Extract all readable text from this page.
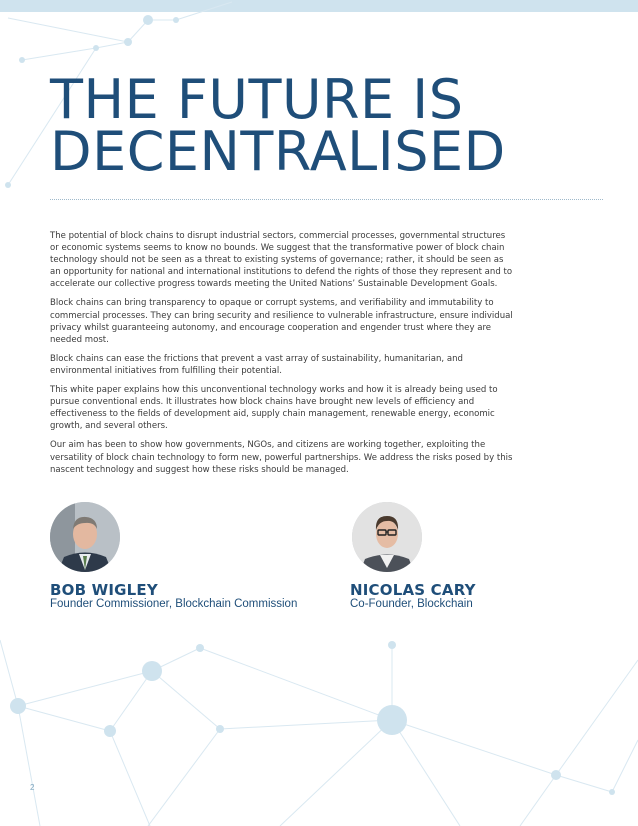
THE FUTURE IS
DECENTRALISED

The potential of block chains to disrupt industrial sectors, commercial processes, governmental structures or economic systems seems to know no bounds. We suggest that the transformative power of block chain technology should not be seen as a threat to existing systems of governance; rather, it should be seen as an opportunity for national and international institutions to defend the rights of those they represent and to accelerate our collective progress towards meeting the United Nations’ Sustainable Development Goals.

Block chains can bring transparency to opaque or corrupt systems, and verifiability and immutability to commercial processes. They can bring security and resilience to vulnerable infrastructure, ensure individual privacy whilst guaranteeing autonomy, and encourage cooperation and engender trust where they are needed most.

Block chains can ease the frictions that prevent a vast array of sustainability, humanitarian, and environmental initiatives from fulfilling their potential.

This white paper explains how this unconventional technology works and how it is already being used to pursue conventional ends. It illustrates how block chains have brought new levels of efficiency and effectiveness to the fields of development aid, supply chain management, renewable energy, economic growth, and several others.

Our aim has been to show how governments, NGOs, and citizens are working together, exploiting the versatility of block chain technology to form new, powerful partnerships. We address the risks posed by this nascent technology and suggest how these risks should be managed.

BOB WIGLEY
Founder Commissioner, Blockchain Commission
NICOLAS CARY
Co-Founder, Blockchain
2
